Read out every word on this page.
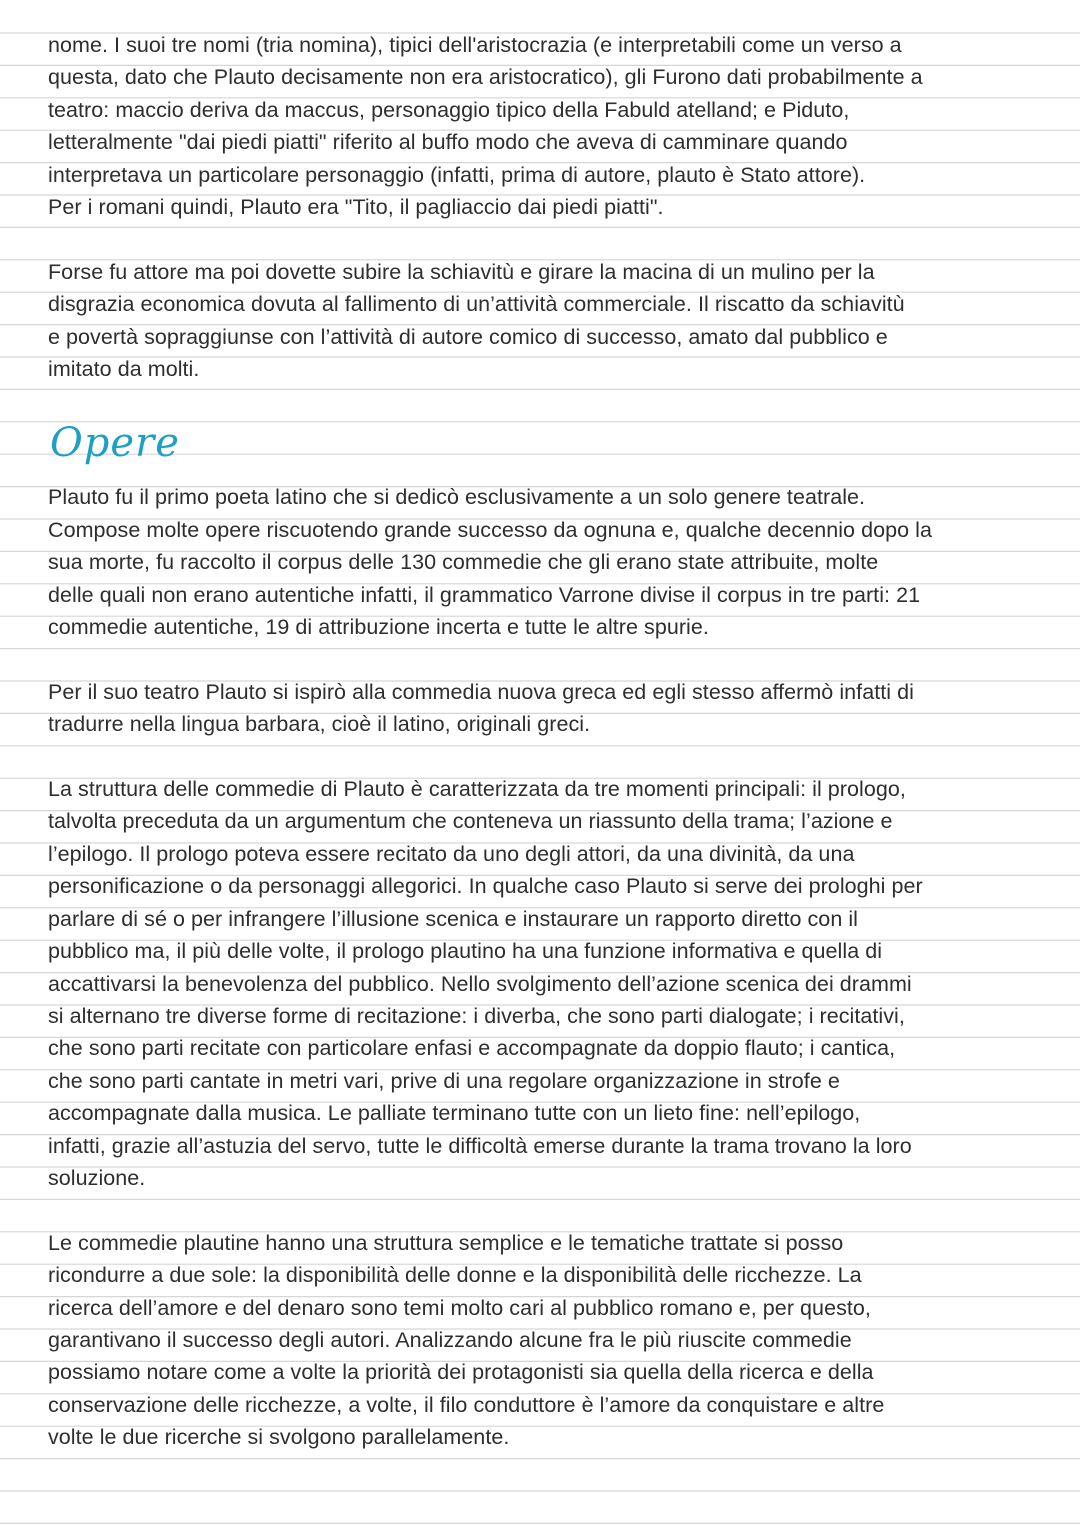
nome. I suoi tre nomi (tria nomina), tipici dell'aristocrazia (e interpretabili come un verso a
questa, dato che Plauto decisamente non era aristocratico), gli Furono dati probabilmente a
teatro: maccio deriva da maccus, personaggio tipico della Fabuld atelland; e Piduto,
letteralmente "dai piedi piatti" riferito al buffo modo che aveva di camminare quando
interpretava un particolare personaggio (infatti, prima di autore, plauto è Stato attore).
Per i romani quindi, Plauto era "Tito, il pagliaccio dai piedi piatti".

Forse fu attore ma poi dovette subire la schiavitù e girare la macina di un mulino per la
disgrazia economica dovuta al fallimento di un’attività commerciale. Il riscatto da schiavitù
e povertà sopraggiunse con l’attività di autore comico di successo, amato dal pubblico e
imitato da molti.

Opere

Plauto fu il primo poeta latino che si dedicò esclusivamente a un solo genere teatrale.
Compose molte opere riscuotendo grande successo da ognuna e, qualche decennio dopo la
sua morte, fu raccolto il corpus delle 130 commedie che gli erano state attribuite, molte
delle quali non erano autentiche infatti, il grammatico Varrone divise il corpus in tre parti: 21
commedie autentiche, 19 di attribuzione incerta e tutte le altre spurie.

Per il suo teatro Plauto si ispirò alla commedia nuova greca ed egli stesso affermò infatti di
tradurre nella lingua barbara, cioè il latino, originali greci.

La struttura delle commedie di Plauto è caratterizzata da tre momenti principali: il prologo,
talvolta preceduta da un argumentum che conteneva un riassunto della trama; l’azione e
l’epilogo. Il prologo poteva essere recitato da uno degli attori, da una divinità, da una
personificazione o da personaggi allegorici. In qualche caso Plauto si serve dei prologhi per
parlare di sé o per infrangere l’illusione scenica e instaurare un rapporto diretto con il
pubblico ma, il più delle volte, il prologo plautino ha una funzione informativa e quella di
accattivarsi la benevolenza del pubblico. Nello svolgimento dell’azione scenica dei drammi
si alternano tre diverse forme di recitazione: i diverba, che sono parti dialogate; i recitativi,
che sono parti recitate con particolare enfasi e accompagnate da doppio flauto; i cantica,
che sono parti cantate in metri vari, prive di una regolare organizzazione in strofe e
accompagnate dalla musica. Le palliate terminano tutte con un lieto fine: nell’epilogo,
infatti, grazie all’astuzia del servo, tutte le difficoltà emerse durante la trama trovano la loro
soluzione.

Le commedie plautine hanno una struttura semplice e le tematiche trattate si posso
ricondurre a due sole: la disponibilità delle donne e la disponibilità delle ricchezze. La
ricerca dell’amore e del denaro sono temi molto cari al pubblico romano e, per questo,
garantivano il successo degli autori. Analizzando alcune fra le più riuscite commedie
possiamo notare come a volte la priorità dei protagonisti sia quella della ricerca e della
conservazione delle ricchezze, a volte, il filo conduttore è l’amore da conquistare e altre
volte le due ricerche si svolgono parallelamente.
